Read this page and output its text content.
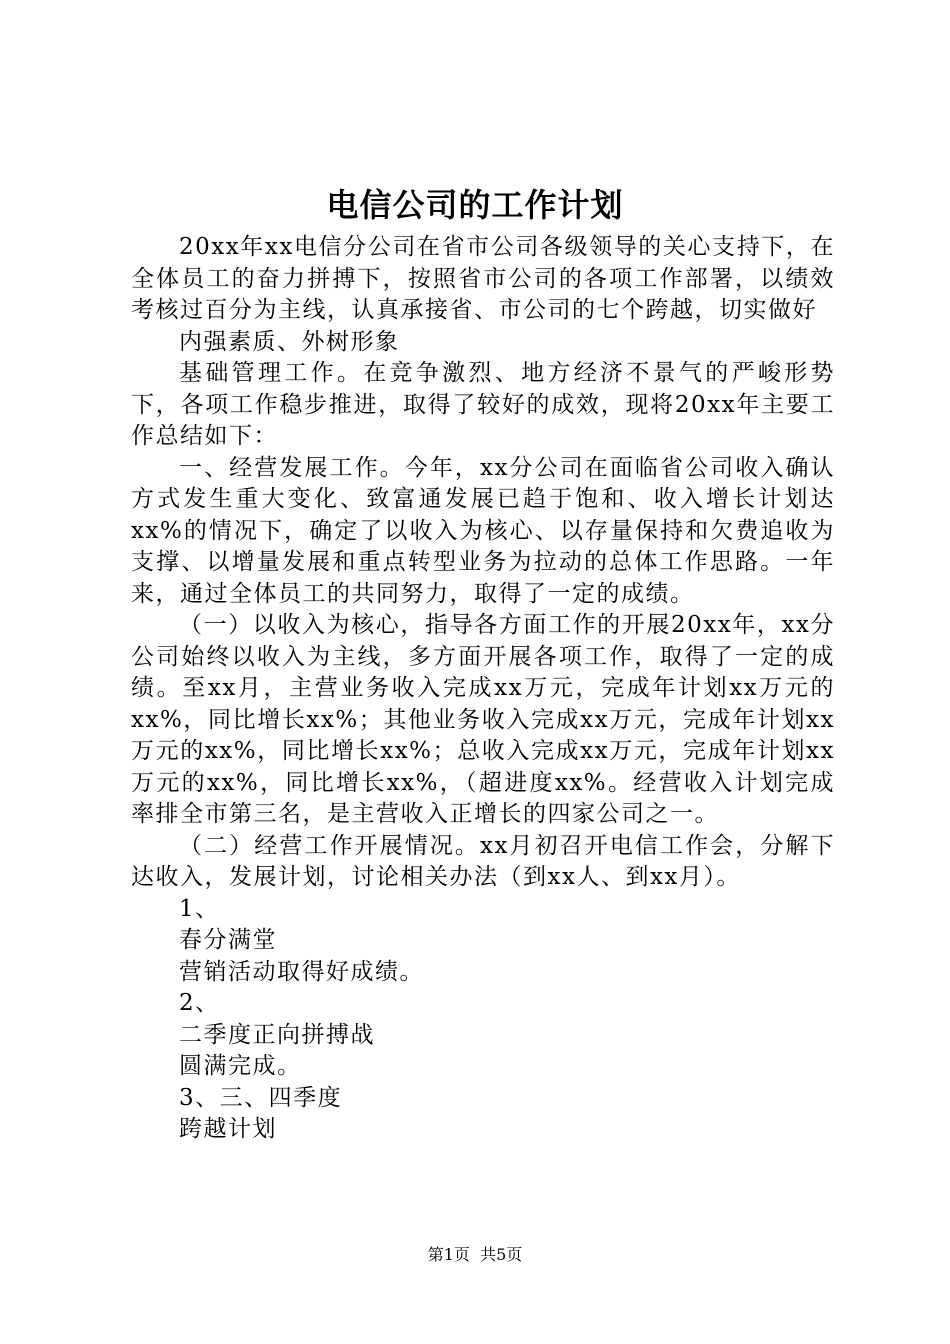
电信公司的工作计划

20xx年xx电信分公司在省市公司各级领导的关心支持下，在全体员工的奋力拼搏下，按照省市公司的各项工作部署，以绩效考核过百分为主线，认真承接省、市公司的七个跨越，切实做好

内强素质、外树形象

基础管理工作。在竞争激烈、地方经济不景气的严峻形势下，各项工作稳步推进，取得了较好的成效，现将20xx年主要工作总结如下：

一、经营发展工作。今年，xx分公司在面临省公司收入确认方式发生重大变化、致富通发展已趋于饱和、收入增长计划达xx%的情况下，确定了以收入为核心、以存量保持和欠费追收为支撑、以增量发展和重点转型业务为拉动的总体工作思路。一年来，通过全体员工的共同努力，取得了一定的成绩。

（一）以收入为核心，指导各方面工作的开展20xx年，xx分公司始终以收入为主线，多方面开展各项工作，取得了一定的成绩。至xx月，主营业务收入完成xx万元，完成年计划xx万元的xx%，同比增长xx%；其他业务收入完成xx万元，完成年计划xx万元的xx%，同比增长xx%；总收入完成xx万元，完成年计划xx万元的xx%，同比增长xx%，（超进度xx%。经营收入计划完成率排全市第三名，是主营收入正增长的四家公司之一。

（二）经营工作开展情况。xx月初召开电信工作会，分解下达收入，发展计划，讨论相关办法（到xx人、到xx月）。

1、

春分满堂

营销活动取得好成绩。

2、

二季度正向拼搏战

圆满完成。

3、三、四季度

跨越计划

第1页 共5页
